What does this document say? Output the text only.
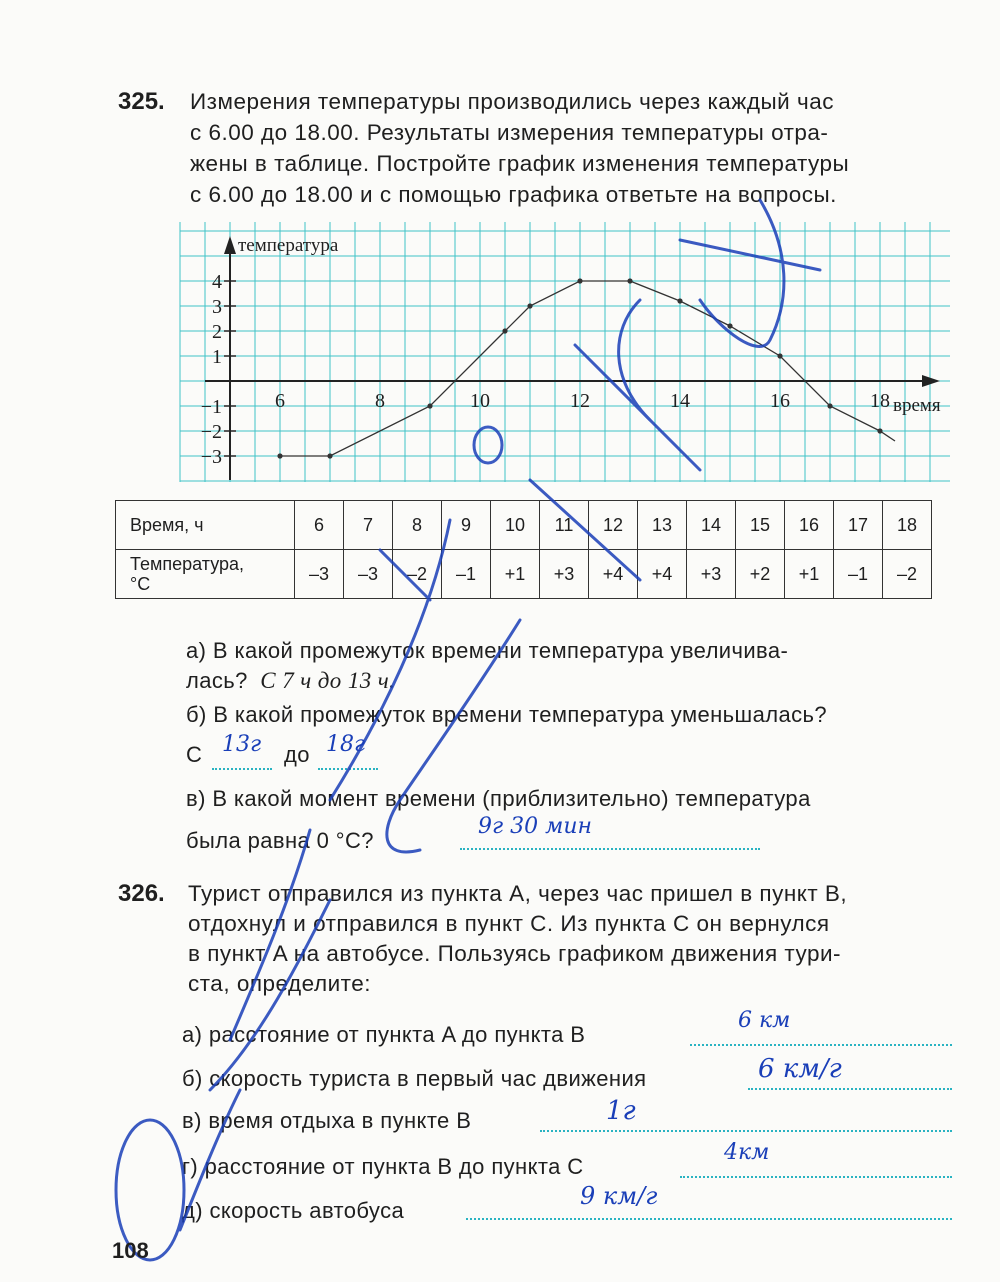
325. Измерения температуры производились через каждый час
с 6.00 до 18.00. Результаты измерения температуры отра-
жены в таблице. Постройте график изменения температуры
с 6.00 до 18.00 и с помощью графика ответьте на вопросы.
6	8	10	12	14	16	18
−3
−2
−1
1
2
3
4
температура
время
Время, ч	6	7	8	9	10	11	12	13	14	15	16	17	18
Температура,
°С	–3	–3	–2	–1	+1	+3	+4	+4	+3	+2	+1	–1	–2
а) В какой промежуток времени температура увеличива-
лась? С 7 ч до 13 ч.
б) В какой промежуток времени температура уменьшалась?
С 13г до 18г
в) В какой момент времени (приблизительно) температура
была равна 0 °С?
9г 30 мин
326. Турист отправился из пункта A, через час пришел в пункт B,
отдохнул и отправился в пункт C. Из пункта C он вернулся
в пункт A на автобусе. Пользуясь графиком движения тури-
ста, определите:
а) расстояние от пункта A до пункта B
6 км
б) скорость туриста в первый час движения	6 км/г
в) время отдыха в пункте B	1г
г) расстояние от пункта B до пункта C
4км
д) скорость автобуса
9 км/г
108
